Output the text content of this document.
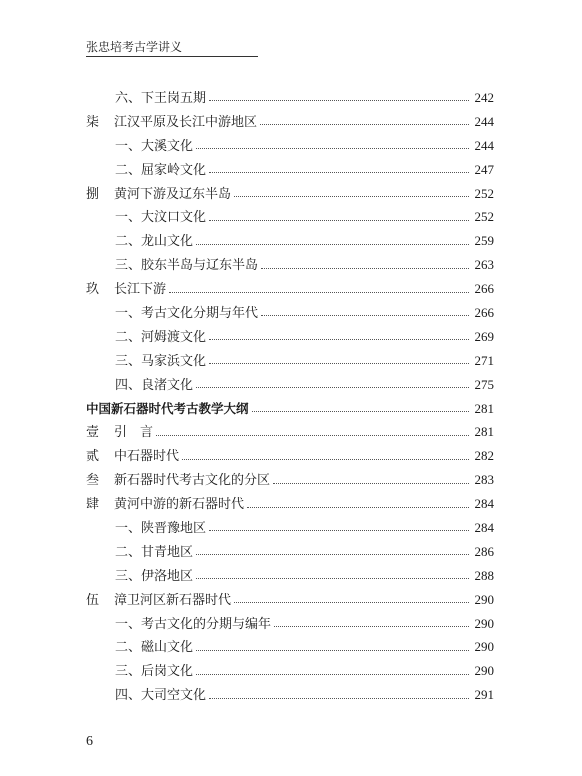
张忠培考古学讲义
六、下王岗五期	242
柒	江汉平原及长江中游地区	244
一、大溪文化	244
二、屈家岭文化	247
捌	黄河下游及辽东半岛	252
一、大汶口文化	252
二、龙山文化	259
三、胶东半岛与辽东半岛	263
玖	长江下游	266
一、考古文化分期与年代	266
二、河姆渡文化	269
三、马家浜文化	271
四、良渚文化	275
中国新石器时代考古教学大纲	281
壹	引　言	281
贰	中石器时代	282
叁	新石器时代考古文化的分区	283
肆	黄河中游的新石器时代	284
一、陕晋豫地区	284
二、甘青地区	286
三、伊洛地区	288
伍	漳卫河区新石器时代	290
一、考古文化的分期与编年	290
二、磁山文化	290
三、后岗文化	290
四、大司空文化	291
6
